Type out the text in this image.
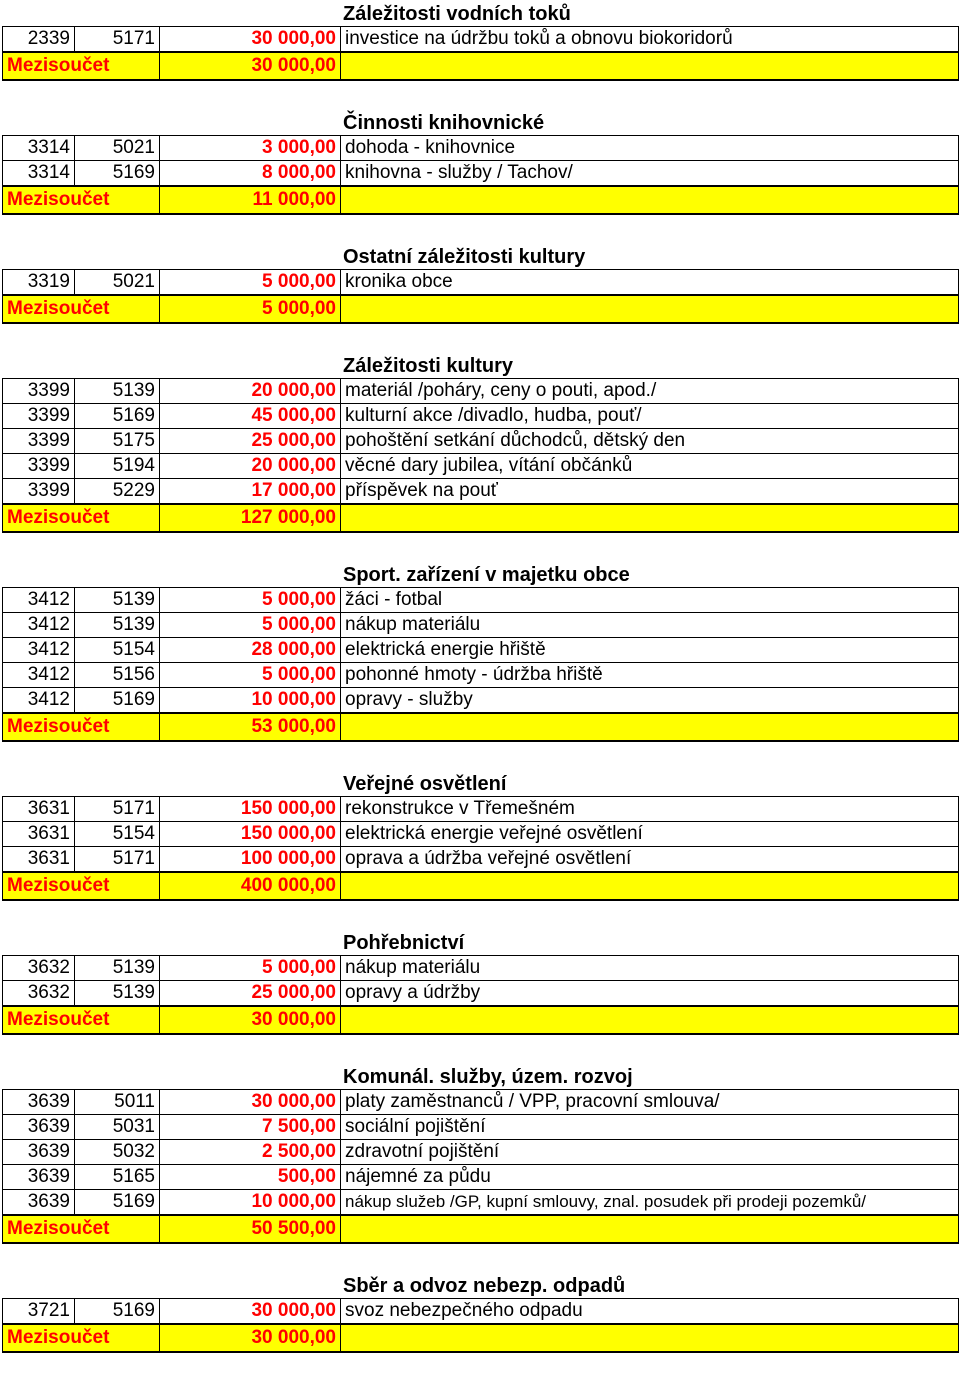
Záležitosti vodních toků
2339	5171	30 000,00	investice na údržbu toků a obnovu biokoridorů
Mezisoučet		30 000,00	
Činnosti knihovnické
3314	5021	3 000,00	dohoda - knihovnice
3314	5169	8 000,00	knihovna - služby / Tachov/
Mezisoučet		11 000,00	
Ostatní záležitosti kultury
3319	5021	5 000,00	kronika obce
Mezisoučet		5 000,00	
Záležitosti kultury
3399	5139	20 000,00	materiál /poháry, ceny o pouti, apod./
3399	5169	45 000,00	kulturní akce /divadlo, hudba, pouť/
3399	5175	25 000,00	pohoštění setkání důchodců, dětský den
3399	5194	20 000,00	věcné dary jubilea, vítání občánků
3399	5229	17 000,00	příspěvek na pouť
Mezisoučet		127 000,00	
Sport. zařízení v majetku obce
3412	5139	5 000,00	žáci - fotbal
3412	5139	5 000,00	nákup materiálu
3412	5154	28 000,00	elektrická energie hřiště
3412	5156	5 000,00	pohonné hmoty - údržba hřiště
3412	5169	10 000,00	opravy - služby
Mezisoučet		53 000,00	
Veřejné osvětlení
3631	5171	150 000,00	rekonstrukce v Třemešném
3631	5154	150 000,00	elektrická energie veřejné osvětlení
3631	5171	100 000,00	oprava a údržba veřejné osvětlení
Mezisoučet		400 000,00	
Pohřebnictví
3632	5139	5 000,00	nákup materiálu
3632	5139	25 000,00	opravy a údržby
Mezisoučet		30 000,00	
Komunál. služby, územ. rozvoj
3639	5011	30 000,00	platy zaměstnanců / VPP, pracovní smlouva/
3639	5031	7 500,00	sociální pojištění
3639	5032	2 500,00	zdravotní pojištění
3639	5165	500,00	nájemné za půdu
3639	5169	10 000,00	nákup služeb /GP, kupní smlouvy, znal. posudek při prodeji pozemků/
Mezisoučet		50 500,00	
Sběr a odvoz nebezp. odpadů
3721	5169	30 000,00	svoz nebezpečného odpadu
Mezisoučet		30 000,00	
